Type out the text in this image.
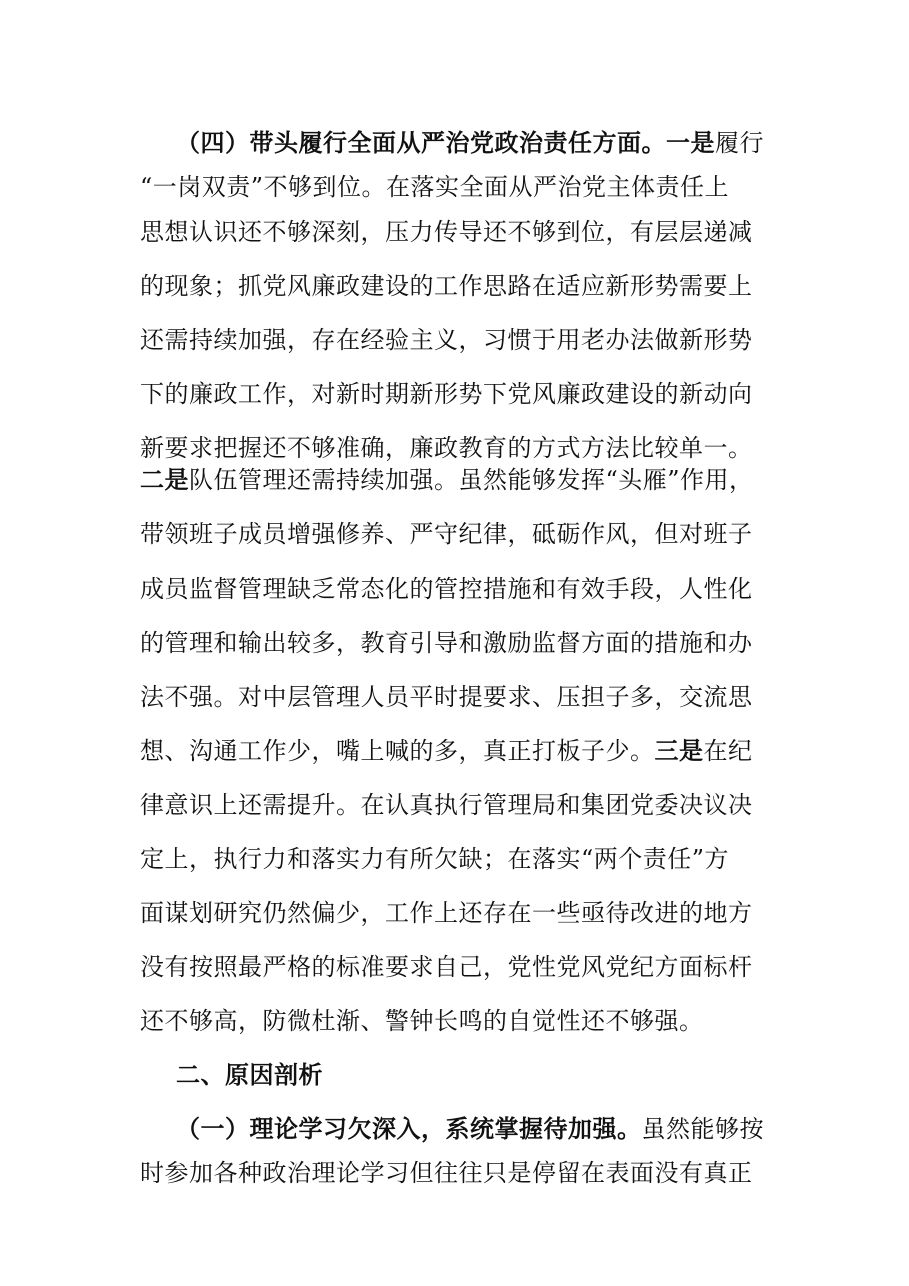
（四）带头履行全面从严治党政治责任方面。一是履行
“一岗双责”不够到位。在落实全面从严治党主体责任上
思想认识还不够深刻，压力传导还不够到位，有层层递减
的现象；抓党风廉政建设的工作思路在适应新形势需要上
还需持续加强，存在经验主义，习惯于用老办法做新形势
下的廉政工作，对新时期新形势下党风廉政建设的新动向
新要求把握还不够准确，廉政教育的方式方法比较单一。
二是队伍管理还需持续加强。虽然能够发挥“头雁”作用，
带领班子成员增强修养、严守纪律，砥砺作风，但对班子
成员监督管理缺乏常态化的管控措施和有效手段，人性化
的管理和输出较多，教育引导和激励监督方面的措施和办
法不强。对中层管理人员平时提要求、压担子多，交流思
想、沟通工作少，嘴上喊的多，真正打板子少。三是在纪
律意识上还需提升。在认真执行管理局和集团党委决议决
定上，执行力和落实力有所欠缺；在落实“两个责任”方
面谋划研究仍然偏少，工作上还存在一些亟待改进的地方
没有按照最严格的标准要求自己，党性党风党纪方面标杆
还不够高，防微杜渐、警钟长鸣的自觉性还不够强。
二、原因剖析
（一）理论学习欠深入，系统掌握待加强。虽然能够按
时参加各种政治理论学习但往往只是停留在表面没有真正
